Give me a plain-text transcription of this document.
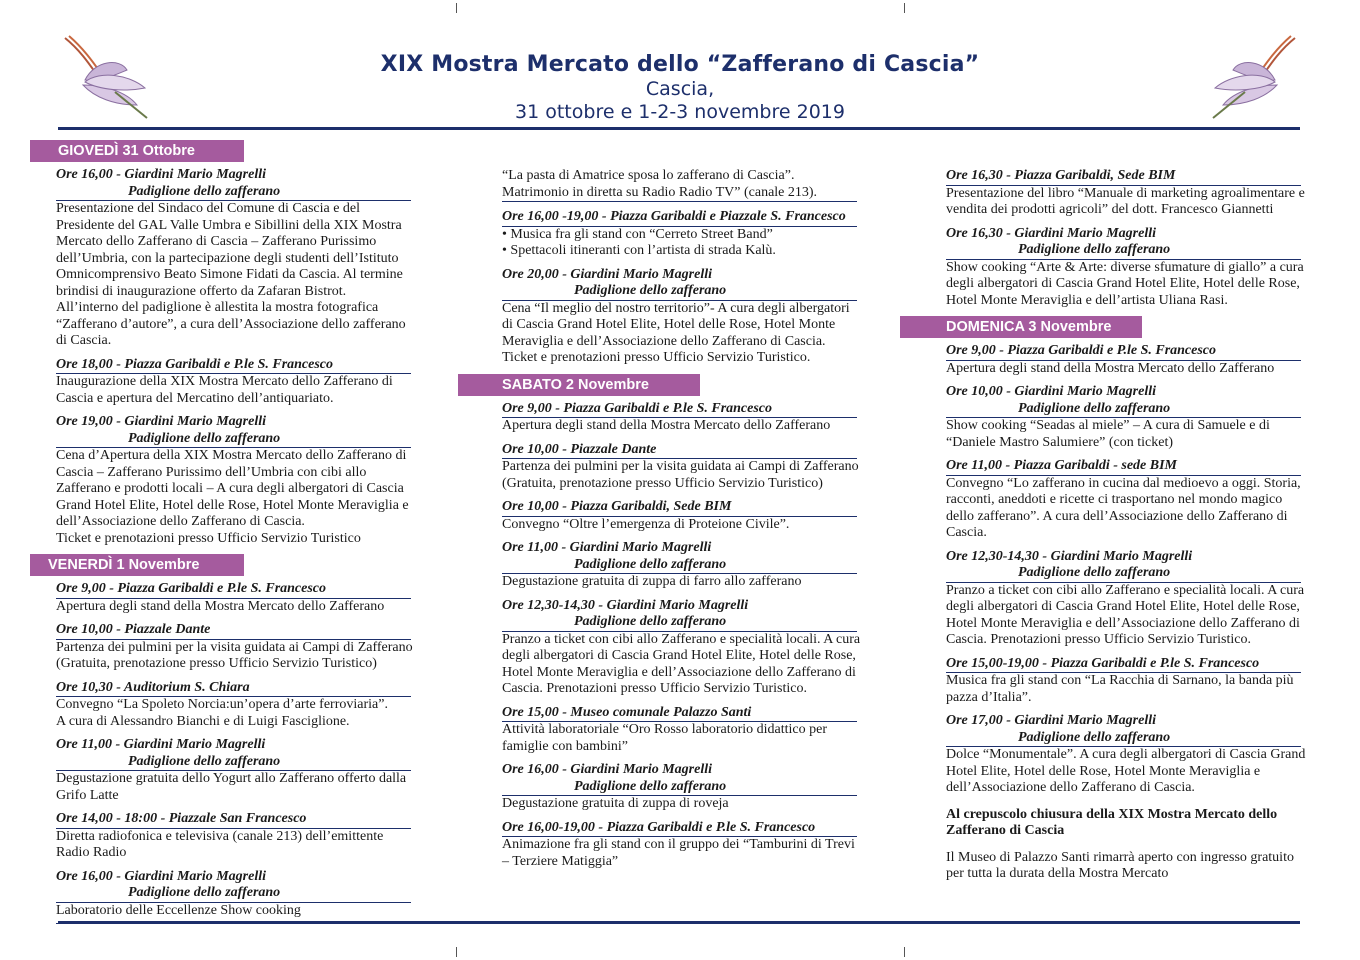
XIX Mostra Mercato dello “Zafferano di Cascia”
Cascia,
31 ottobre e 1-2-3 novembre 2019
GIOVEDÌ 31 Ottobre
Ore 16,00 - Giardini Mario Magrelli
Padiglione dello zafferano
Presentazione del Sindaco del Comune di Cascia e del Presidente del GAL Valle Umbra e Sibillini della XIX Mostra Mercato dello Zafferano di Cascia – Zafferano Purissimo dell’Umbria, con la partecipazione degli studenti dell’Istituto Omnicomprensivo Beato Simone Fidati da Cascia. Al termine brindisi di inaugurazione offerto da Zafaran Bistrot.
All’interno del padiglione è allestita la mostra fotografica “Zafferano d’autore”, a cura dell’Associazione dello zafferano di Cascia.
Ore 18,00 - Piazza Garibaldi e P.le S. Francesco
Inaugurazione della XIX Mostra Mercato dello Zafferano di Cascia e apertura del Mercatino dell’antiquariato.
Ore 19,00 - Giardini Mario Magrelli
Padiglione dello zafferano
Cena d’Apertura della XIX Mostra Mercato dello Zafferano di Cascia – Zafferano Purissimo dell’Umbria con cibi allo Zafferano e prodotti locali – A cura degli albergatori di Cascia Grand Hotel Elite, Hotel delle Rose, Hotel Monte Meraviglia e dell’Associazione dello Zafferano di Cascia.
Ticket e prenotazioni presso Ufficio Servizio Turistico
VENERDÌ 1 Novembre
Ore 9,00 - Piazza Garibaldi e P.le S. Francesco
Apertura degli stand della Mostra Mercato dello Zafferano
Ore 10,00 - Piazzale Dante
Partenza dei pulmini per la visita guidata ai Campi di Zafferano (Gratuita, prenotazione presso Ufficio Servizio Turistico)
Ore 10,30 - Auditorium S. Chiara
Convegno “La Spoleto Norcia:un’opera d’arte ferroviaria”.
A cura di Alessandro Bianchi e di Luigi Fasciglione.
Ore 11,00 - Giardini Mario Magrelli
Padiglione dello zafferano
Degustazione gratuita dello Yogurt allo Zafferano offerto dalla Grifo Latte
Ore 14,00 - 18:00 - Piazzale San Francesco
Diretta radiofonica e televisiva (canale 213) dell’emittente Radio Radio
Ore 16,00 - Giardini Mario Magrelli
Padiglione dello zafferano
Laboratorio delle Eccellenze Show cooking
“La pasta di Amatrice sposa lo zafferano di Cascia”.
Matrimonio in diretta su Radio Radio TV” (canale 213).
Ore 16,00 -19,00 - Piazza Garibaldi e Piazzale S. Francesco
• Musica fra gli stand con “Cerreto Street Band”
• Spettacoli itineranti con l’artista di strada Kalù.
Ore 20,00 - Giardini Mario Magrelli
Padiglione dello zafferano
Cena “Il meglio del nostro territorio”- A cura degli albergatori di Cascia Grand Hotel Elite, Hotel delle Rose, Hotel Monte Meraviglia e dell’Associazione dello Zafferano di Cascia.
Ticket e prenotazioni presso Ufficio Servizio Turistico.
SABATO 2 Novembre
Ore 9,00 - Piazza Garibaldi e P.le S. Francesco
Apertura degli stand della Mostra Mercato dello Zafferano
Ore 10,00 - Piazzale Dante
Partenza dei pulmini per la visita guidata ai Campi di Zafferano (Gratuita, prenotazione presso Ufficio Servizio Turistico)
Ore 10,00 - Piazza Garibaldi, Sede BIM
Convegno “Oltre l’emergenza di Proteione Civile”.
Ore 11,00 - Giardini Mario Magrelli
Padiglione dello zafferano
Degustazione gratuita di zuppa di farro allo zafferano
Ore 12,30-14,30 - Giardini Mario Magrelli
Padiglione dello zafferano
Pranzo a ticket con cibi allo Zafferano e specialità locali. A cura degli albergatori di Cascia Grand Hotel Elite, Hotel delle Rose, Hotel Monte Meraviglia e dell’Associazione dello Zafferano di Cascia. Prenotazioni presso Ufficio Servizio Turistico.
Ore 15,00 - Museo comunale Palazzo Santi
Attività laboratoriale “Oro Rosso laboratorio didattico per famiglie con bambini”
Ore 16,00 - Giardini Mario Magrelli
Padiglione dello zafferano
Degustazione gratuita di zuppa di roveja
Ore 16,00-19,00 - Piazza Garibaldi e P.le S. Francesco
Animazione fra gli stand con il gruppo dei “Tamburini di Trevi – Terziere Matiggia”
Ore 16,30 - Piazza Garibaldi, Sede BIM
Presentazione del libro “Manuale di marketing agroalimentare e vendita dei prodotti agricoli” del dott. Francesco Giannetti
Ore 16,30 - Giardini Mario Magrelli
Padiglione dello zafferano
Show cooking “Arte & Arte: diverse sfumature di giallo” a cura degli albergatori di Cascia Grand Hotel Elite, Hotel delle Rose, Hotel Monte Meraviglia e dell’artista Uliana Rasi.
DOMENICA 3 Novembre
Ore 9,00 - Piazza Garibaldi e P.le S. Francesco
Apertura degli stand della Mostra Mercato dello Zafferano
Ore 10,00 - Giardini Mario Magrelli
Padiglione dello zafferano
Show cooking “Seadas al miele” – A cura di Samuele e di “Daniele Mastro Salumiere” (con ticket)
Ore 11,00 - Piazza Garibaldi - sede BIM
Convegno “Lo zafferano in cucina dal medioevo a oggi. Storia, racconti, aneddoti e ricette ci trasportano nel mondo magico dello zafferano”. A cura dell’Associazione dello Zafferano di Cascia.
Ore 12,30-14,30 - Giardini Mario Magrelli
Padiglione dello zafferano
Pranzo a ticket con cibi allo Zafferano e specialità locali. A cura degli albergatori di Cascia Grand Hotel Elite, Hotel delle Rose, Hotel Monte Meraviglia e dell’Associazione dello Zafferano di Cascia. Prenotazioni presso Ufficio Servizio Turistico.
Ore 15,00-19,00 - Piazza Garibaldi e P.le S. Francesco
Musica fra gli stand con “La Racchia di Sarnano, la banda più pazza d’Italia”.
Ore 17,00 - Giardini Mario Magrelli
Padiglione dello zafferano
Dolce “Monumentale”. A cura degli albergatori di Cascia Grand Hotel Elite, Hotel delle Rose, Hotel Monte Meraviglia e dell’Associazione dello Zafferano di Cascia.
Al crepuscolo chiusura della XIX Mostra Mercato dello Zafferano di Cascia
Il Museo di Palazzo Santi rimarrà aperto con ingresso gratuito per tutta la durata della Mostra Mercato
